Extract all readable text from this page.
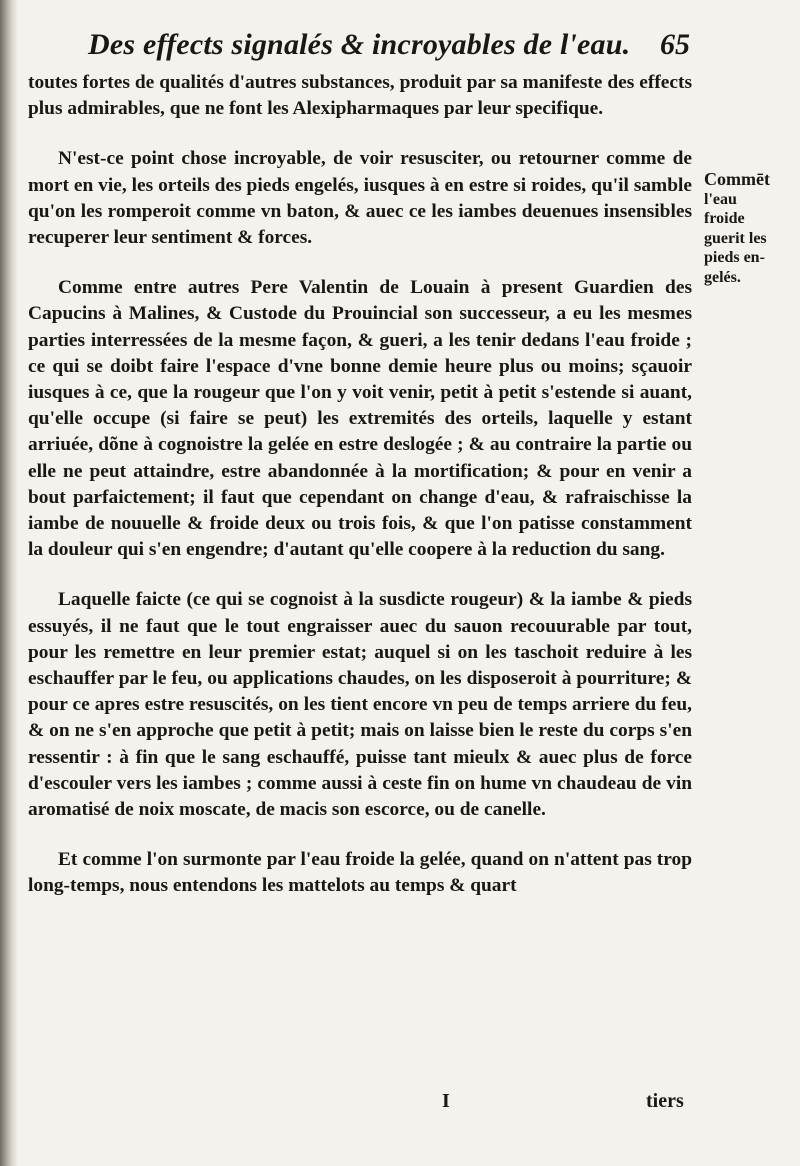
Des effects signalés & incroyables de l'eau. 65

toutes fortes de qualités d'autres substances, produit par sa manifeste des effects plus admirables, que ne font les Alexipharmaques par leur specifique.

N'est-ce point chose incroyable, de voir resusciter, ou retourner comme de mort en vie, les orteils des pieds engelés, iusques à en estre si roides, qu'il samble qu'on les romperoit comme vn baton, & auec ce les iambes deuenues insensibles recuperer leur sentiment & forces.

Comme entre autres Pere Valentin de Louain à present Guardien des Capucins à Malines, & Custode du Prouincial son successeur, a eu les mesmes parties interressées de la mesme façon, & gueri, a les tenir dedans l'eau froide ; ce qui se doibt faire l'espace d'vne bonne demie heure plus ou moins; sçauoir iusques à ce, que la rougeur que l'on y voit venir, petit à petit s'estende si auant, qu'elle occupe (si faire se peut) les extremités des orteils, laquelle y estant arriuée, dõne à cognoistre la gelée en estre deslogée ; & au contraire la partie ou elle ne peut attaindre, estre abandonnée à la mortification; & pour en venir a bout parfaictement; il faut que cependant on change d'eau, & rafraischisse la iambe de nouuelle & froide deux ou trois fois, & que l'on patisse constamment la douleur qui s'en engendre; d'autant qu'elle coopere à la reduction du sang.

Laquelle faicte (ce qui se cognoist à la susdicte rougeur) & la iambe & pieds essuyés, il ne faut que le tout engraisser auec du sauon recouurable par tout, pour les remettre en leur premier estat; auquel si on les taschoit reduire à les eschauffer par le feu, ou applications chaudes, on les disposeroit à pourriture; & pour ce apres estre resuscités, on les tient encore vn peu de temps arriere du feu, & on ne s'en approche que petit à petit; mais on laisse bien le reste du corps s'en ressentir : à fin que le sang eschauffé, puisse tant mieulx & auec plus de force d'escouler vers les iambes ; comme aussi à ceste fin on hume vn chaudeau de vin aromatisé de noix moscate, de macis son escorce, ou de canelle.

Et comme l'on surmonte par l'eau froide la gelée, quand on n'attent pas trop long-temps, nous entendons les mattelots au temps & quart

Commēt
l'eau
froide
guerit les
pieds en-
gelés.
I	tiers
